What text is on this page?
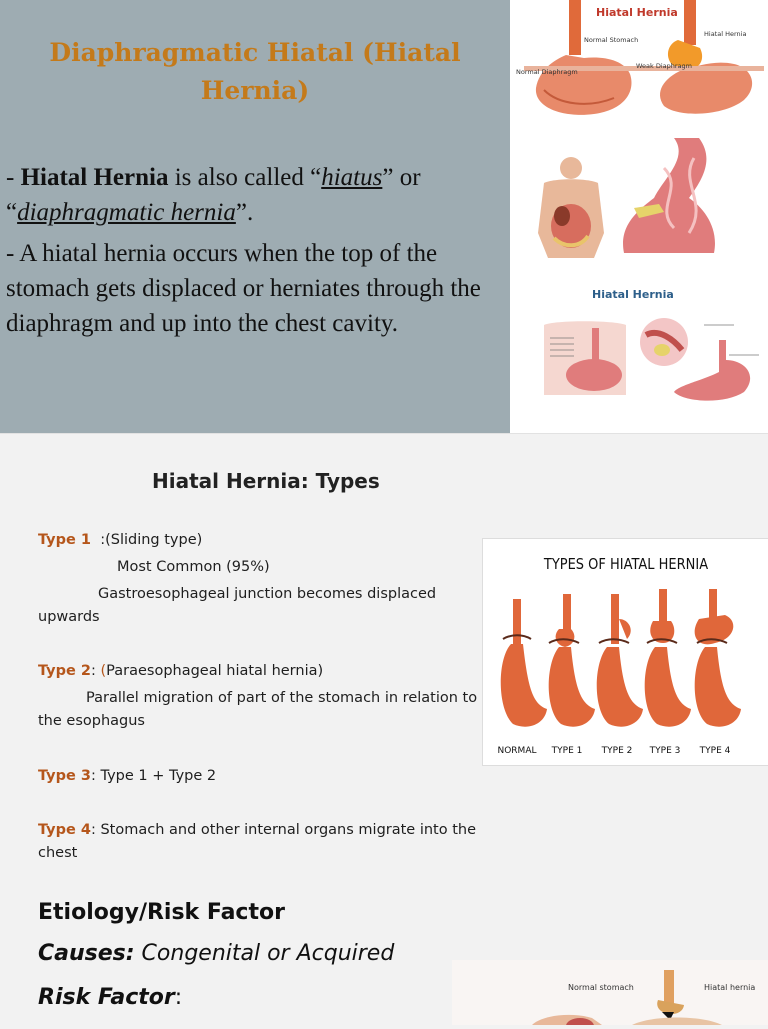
Diaphragmatic Hiatal (Hiatal Hernia)
- Hiatal Hernia is also called “hiatus” or “diaphragmatic hernia”.
- A hiatal hernia occurs when the top of the stomach gets displaced or herniates through the diaphragm and up into the chest cavity.
Hiatal Hernia
Normal Stomach
Hiatal Hernia
Normal Diaphragm
Weak Diaphragm
Hiatal Hernia
Hiatal Hernia: Types
Type 1  :(Sliding type)
Most Common (95%)
Gastroesophageal junction becomes displaced upwards
Type 2: (Paraesophageal hiatal hernia)
Parallel migration of part of the stomach in relation to the esophagus
Type 3: Type 1 + Type 2
Type 4: Stomach and other internal organs migrate into the chest
TYPES OF HIATAL HERNIA
NORMAL TYPE 1 TYPE 2 TYPE 3 TYPE 4
Etiology/Risk Factor
Causes: Congenital or Acquired
Risk Factor:	Normal stomach	Hiatal hernia
